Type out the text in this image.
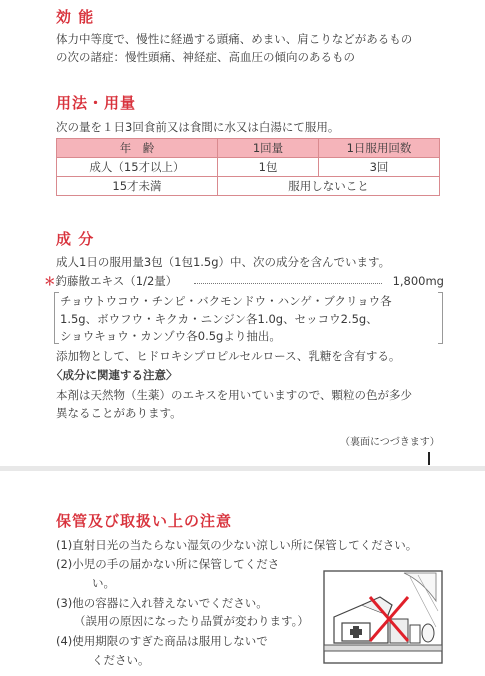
効 能
体力中等度で、慢性に経過する頭痛、めまい、肩こりなどがあるもの
の次の諸症：慢性頭痛、神経症、高血圧の傾向のあるもの
用法・用量
次の量を１日3回食前又は食間に水又は白湯にて服用。
年　齢	1回量	1日服用回数
成人（15才以上）	1包	3回
15才未満	服用しないこと	
成 分
成人1日の服用量3包（1包1.5g）中、次の成分を含んでいます。
＊釣藤散エキス（1/2量）	1,800mg
チョウトウコウ・チンピ・バクモンドウ・ハンゲ・ブクリョウ各
1.5g、ボウフウ・キクカ・ニンジン各1.0g、セッコウ2.5g、
ショウキョウ・カンゾウ各0.5gより抽出。
添加物として、ヒドロキシプロピルセルロース、乳糖を含有する。
〈成分に関連する注意〉
本剤は天然物（生薬）のエキスを用いていますので、顆粒の色が多少
異なることがあります。
（裏面につづきます）
保管及び取扱い上の注意
(1)直射日光の当たらない湿気の少ない涼しい所に保管してください。
(2)小児の手の届かない所に保管してくださ
い。
(3)他の容器に入れ替えないでください。
（誤用の原因になったり品質が変わります。）
(4)使用期限のすぎた商品は服用しないで
ください。
